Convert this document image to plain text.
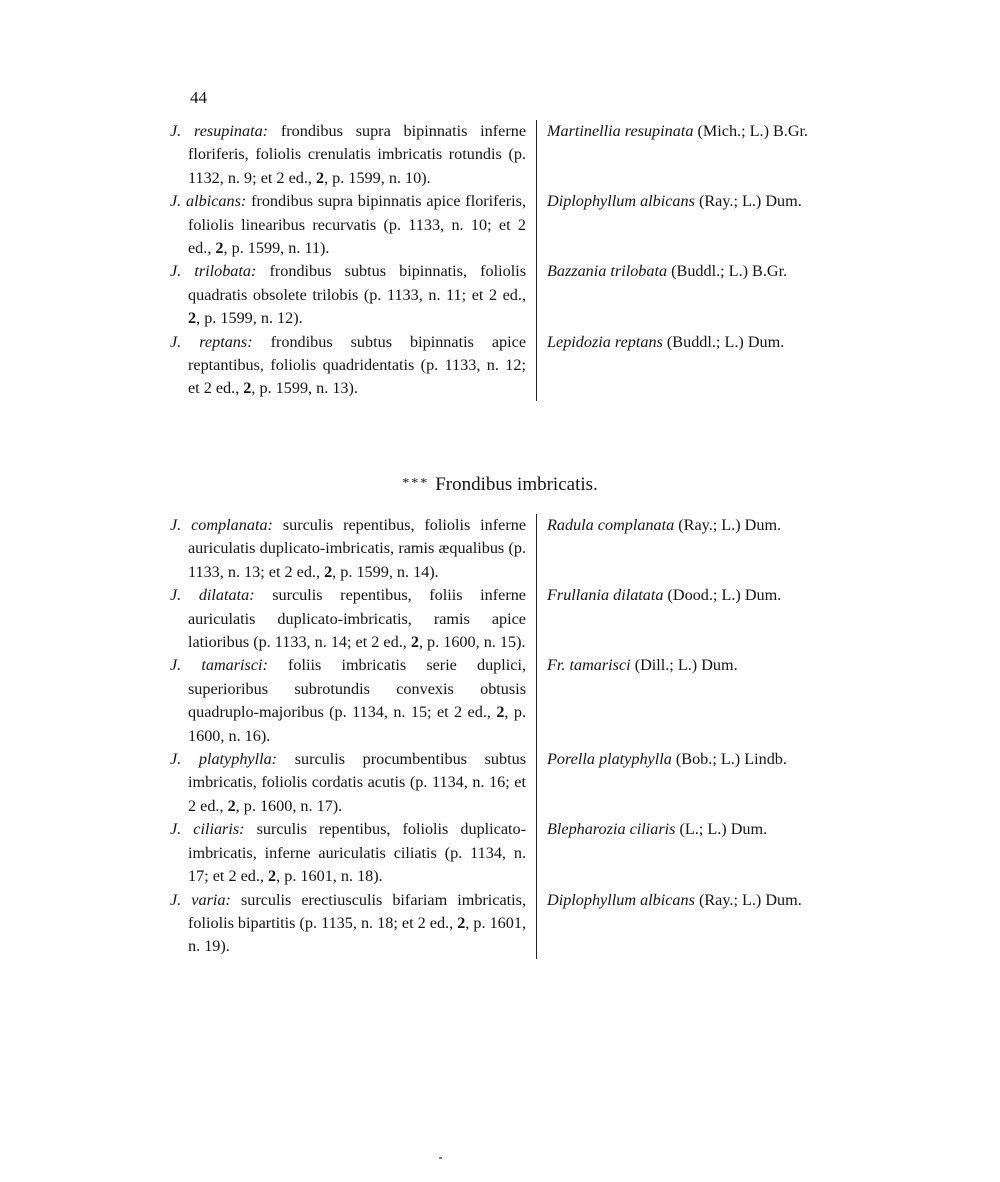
44
J. resupinata: frondibus supra bipinnatis inferne floriferis, foliolis crenulatis imbricatis rotundis (p. 1132, n. 9; et 2 ed., 2, p. 1599, n. 10).
Martinellia resupinata (Mich.; L.) B.Gr.
J. albicans: frondibus supra bipinnatis apice floriferis, foliolis linearibus recurvatis (p. 1133, n. 10; et 2 ed., 2, p. 1599, n. 11).
Diplophyllum albicans (Ray.; L.) Dum.
J. trilobata: frondibus subtus bipinnatis, foliolis quadratis obsolete trilobis (p. 1133, n. 11; et 2 ed., 2, p. 1599, n. 12).
Bazzania trilobata (Buddl.; L.) B.Gr.
J. reptans: frondibus subtus bipinnatis apice reptantibus, foliolis quadridentatis (p. 1133, n. 12; et 2 ed., 2, p. 1599, n. 13).
Lepidozia reptans (Buddl.; L.) Dum.
*** Frondibus imbricatis.
J. complanata: surculis repentibus, foliolis inferne auriculatis duplicato-imbricatis, ramis æqualibus (p. 1133, n. 13; et 2 ed., 2, p. 1599, n. 14).
Radula complanata (Ray.; L.) Dum.
J. dilatata: surculis repentibus, foliis inferne auriculatis duplicato-imbricatis, ramis apice latioribus (p. 1133, n. 14; et 2 ed., 2, p. 1600, n. 15).
Frullania dilatata (Dood.; L.) Dum.
J. tamarisci: foliis imbricatis serie duplici, superioribus subrotundis convexis obtusis quadruplo-majoribus (p. 1134, n. 15; et 2 ed., 2, p. 1600, n. 16).
Fr. tamarisci (Dill.; L.) Dum.
J. platyphylla: surculis procumbentibus subtus imbricatis, foliolis cordatis acutis (p. 1134, n. 16; et 2 ed., 2, p. 1600, n. 17).
Porella platyphylla (Bob.; L.) Lindb.
J. ciliaris: surculis repentibus, foliolis duplicato-imbricatis, inferne auriculatis ciliatis (p. 1134, n. 17; et 2 ed., 2, p. 1601, n. 18).
Blepharozia ciliaris (L.; L.) Dum.
J. varia: surculis erectiusculis bifariam imbricatis, foliolis bipartitis (p. 1135, n. 18; et 2 ed., 2, p. 1601, n. 19).
Diplophyllum albicans (Ray.; L.) Dum.
